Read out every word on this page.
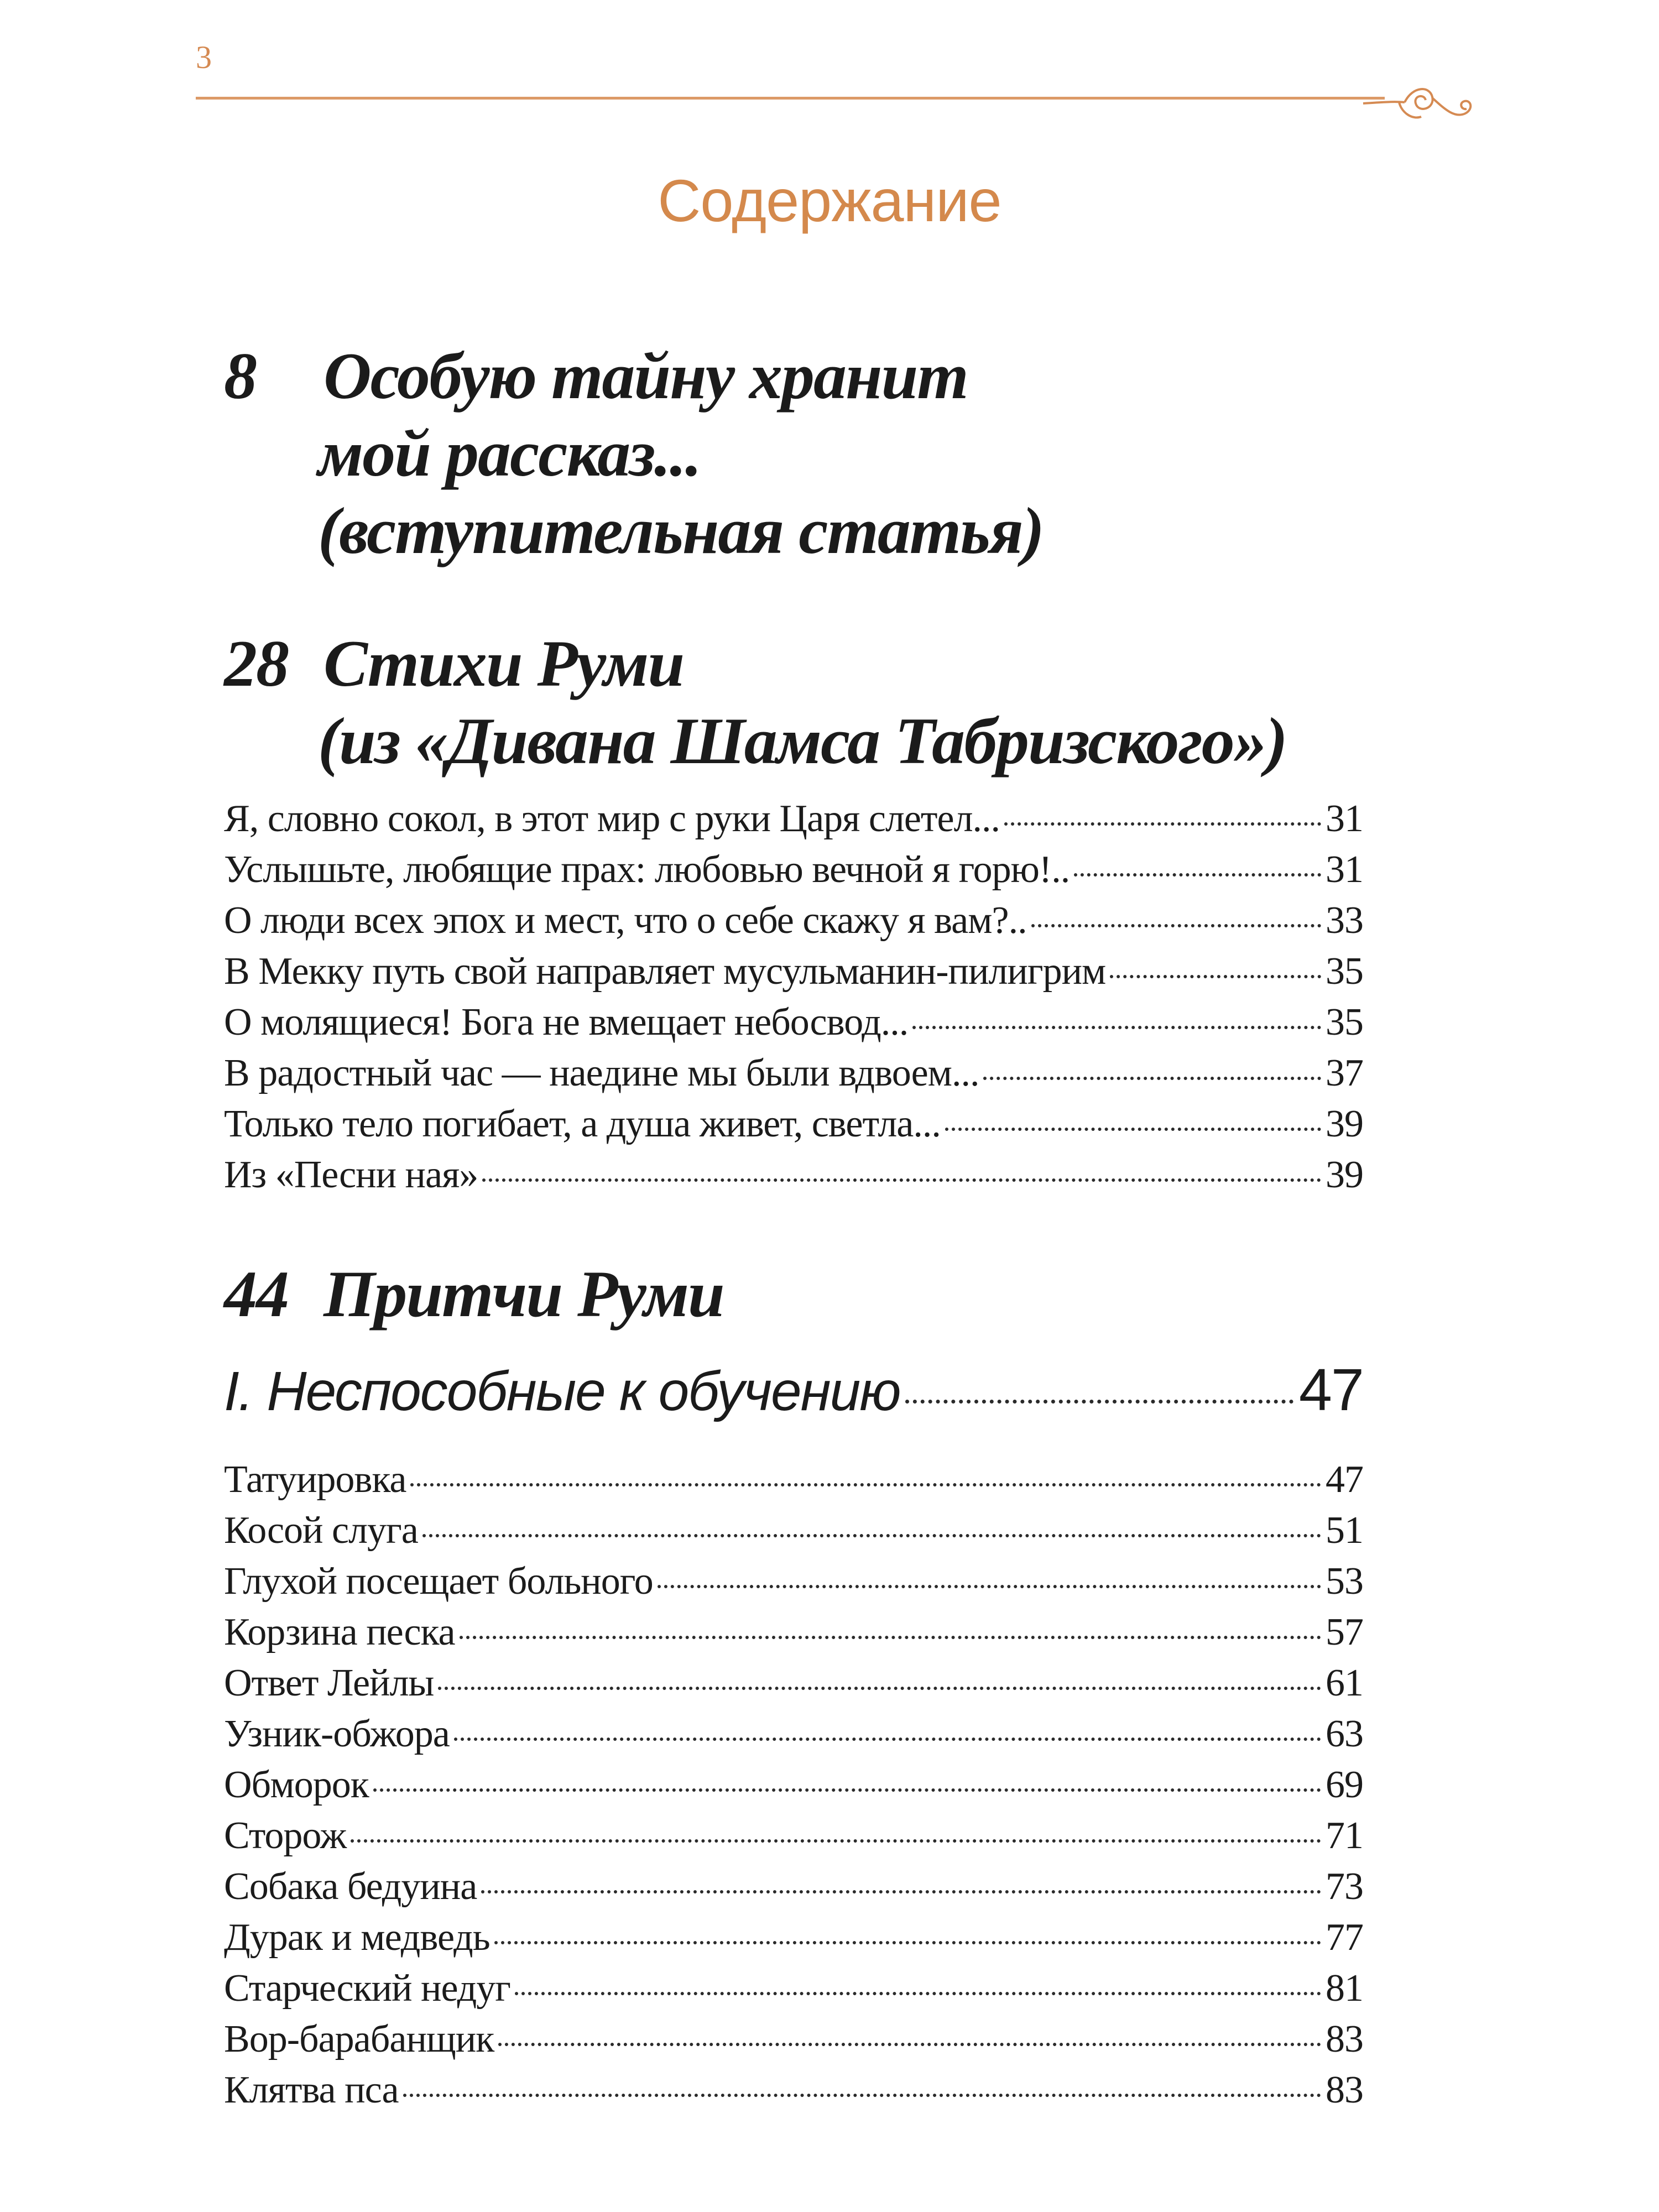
3
Содержание
8 Особую тайну хранит
мой рассказ...
(вступительная статья)
28 Стихи Руми
(из «Дивана Шамса Табризского»)
Я, словно сокол, в этот мир с руки Царя слетел...	31
Услышьте, любящие прах: любовью вечной я горю!..	31
О люди всех эпох и мест, что о себе скажу я вам?..	33
В Мекку путь свой направляет мусульманин-пилигрим	35
О молящиеся! Бога не вмещает небосвод...	35
В радостный час — наедине мы были вдвоем...	37
Только тело погибает, а душа живет, светла...	39
Из «Песни ная»	39
44 Притчи Руми
I. Неспособные к обучению	47
Татуировка	47
Косой слуга	51
Глухой посещает больного	53
Корзина песка	57
Ответ Лейлы	61
Узник-обжора	63
Обморок	69
Сторож	71
Собака бедуина	73
Дурак и медведь	77
Старческий недуг	81
Вор-барабанщик	83
Клятва пса	83
